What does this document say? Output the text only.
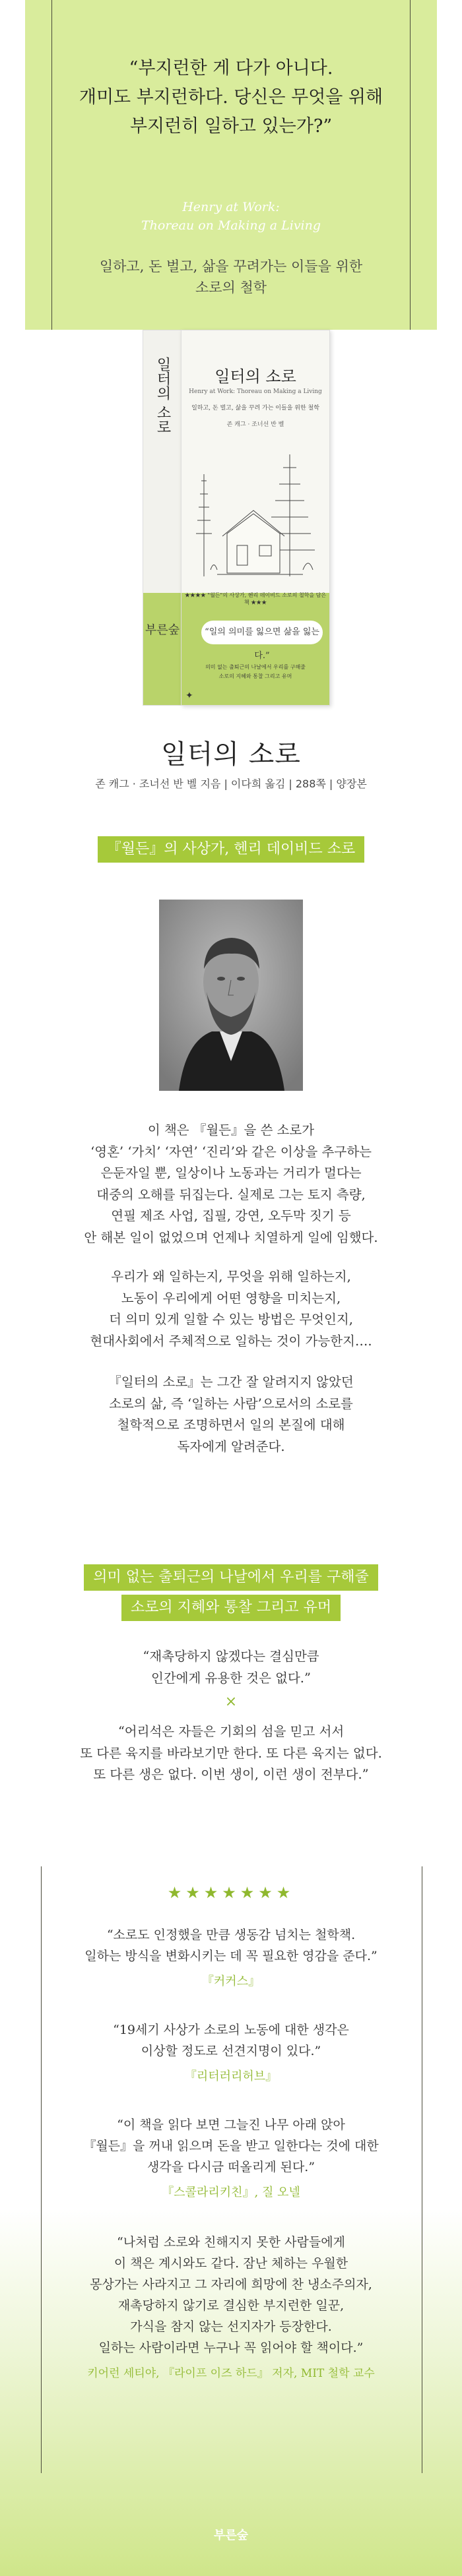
“부지런한 게 다가 아니다.
개미도 부지런하다. 당신은 무엇을 위해
부지런히 일하고 있는가?”
Henry at Work:
Thoreau on Making a Living
일하고, 돈 벌고, 삶을 꾸려가는 이들을 위한
소로의 철학
일터의 소로
부른숲
일터의 소로
Henry at Work: Thoreau on Making a Living
일하고, 돈 벌고, 삶을 꾸려 가는 이들을 위한 철학
존 캐그 · 조너선 반 벨
★★★★ "월든"의 사상가, 헨리 데이비드 소로의 철학을 담은 책 ★★★
“일의 의미를 잃으면 삶을 잃는다.”
의미 없는 출퇴근의 나날에서 우리를 구해줄
소로의 지혜와 통찰 그리고 유머
✦
일터의 소로
존 캐그 · 조너선 반 벨 지음 | 이다희 옮김 | 288쪽 | 양장본
『월든』의 사상가, 헨리 데이비드 소로
이 책은 『월든』을 쓴 소로가
‘영혼’ ‘가치’ ‘자연’ ‘진리’와 같은 이상을 추구하는
은둔자일 뿐, 일상이나 노동과는 거리가 멀다는
대중의 오해를 뒤집는다. 실제로 그는 토지 측량,
연필 제조 사업, 집필, 강연, 오두막 짓기 등
안 해본 일이 없었으며 언제나 치열하게 일에 임했다.
우리가 왜 일하는지, 무엇을 위해 일하는지,
노동이 우리에게 어떤 영향을 미치는지,
더 의미 있게 일할 수 있는 방법은 무엇인지,
현대사회에서 주체적으로 일하는 것이 가능한지….
『일터의 소로』는 그간 잘 알려지지 않았던
소로의 삶, 즉 ‘일하는 사람’으로서의 소로를
철학적으로 조명하면서 일의 본질에 대해
독자에게 알려준다.
의미 없는 출퇴근의 나날에서 우리를 구해줄
소로의 지혜와 통찰 그리고 유머
“재촉당하지 않겠다는 결심만큼
인간에게 유용한 것은 없다.”
×
“어리석은 자들은 기회의 섬을 믿고 서서
또 다른 육지를 바라보기만 한다. 또 다른 육지는 없다.
또 다른 생은 없다. 이번 생이, 이런 생이 전부다.”
★★★★★★★
“소로도 인정했을 만큼 생동감 넘치는 철학책.
일하는 방식을 변화시키는 데 꼭 필요한 영감을 준다.”
『커커스』
“19세기 사상가 소로의 노동에 대한 생각은
이상할 정도로 선견지명이 있다.”
『리터러리허브』
“이 책을 읽다 보면 그늘진 나무 아래 앉아
『월든』을 꺼내 읽으며 돈을 받고 일한다는 것에 대한
생각을 다시금 떠올리게 된다.”
『스콜라리키친』, 질 오넬
“나처럼 소로와 친해지지 못한 사람들에게
이 책은 계시와도 같다. 잠난 체하는 우월한
몽상가는 사라지고 그 자리에 희망에 찬 냉소주의자,
재촉당하지 않기로 결심한 부지런한 일꾼,
가식을 참지 않는 선지자가 등장한다.
일하는 사람이라면 누구나 꼭 읽어야 할 책이다.”
키어런 세티야, 『라이프 이즈 하드』 저자, MIT 철학 교수
부른숲
